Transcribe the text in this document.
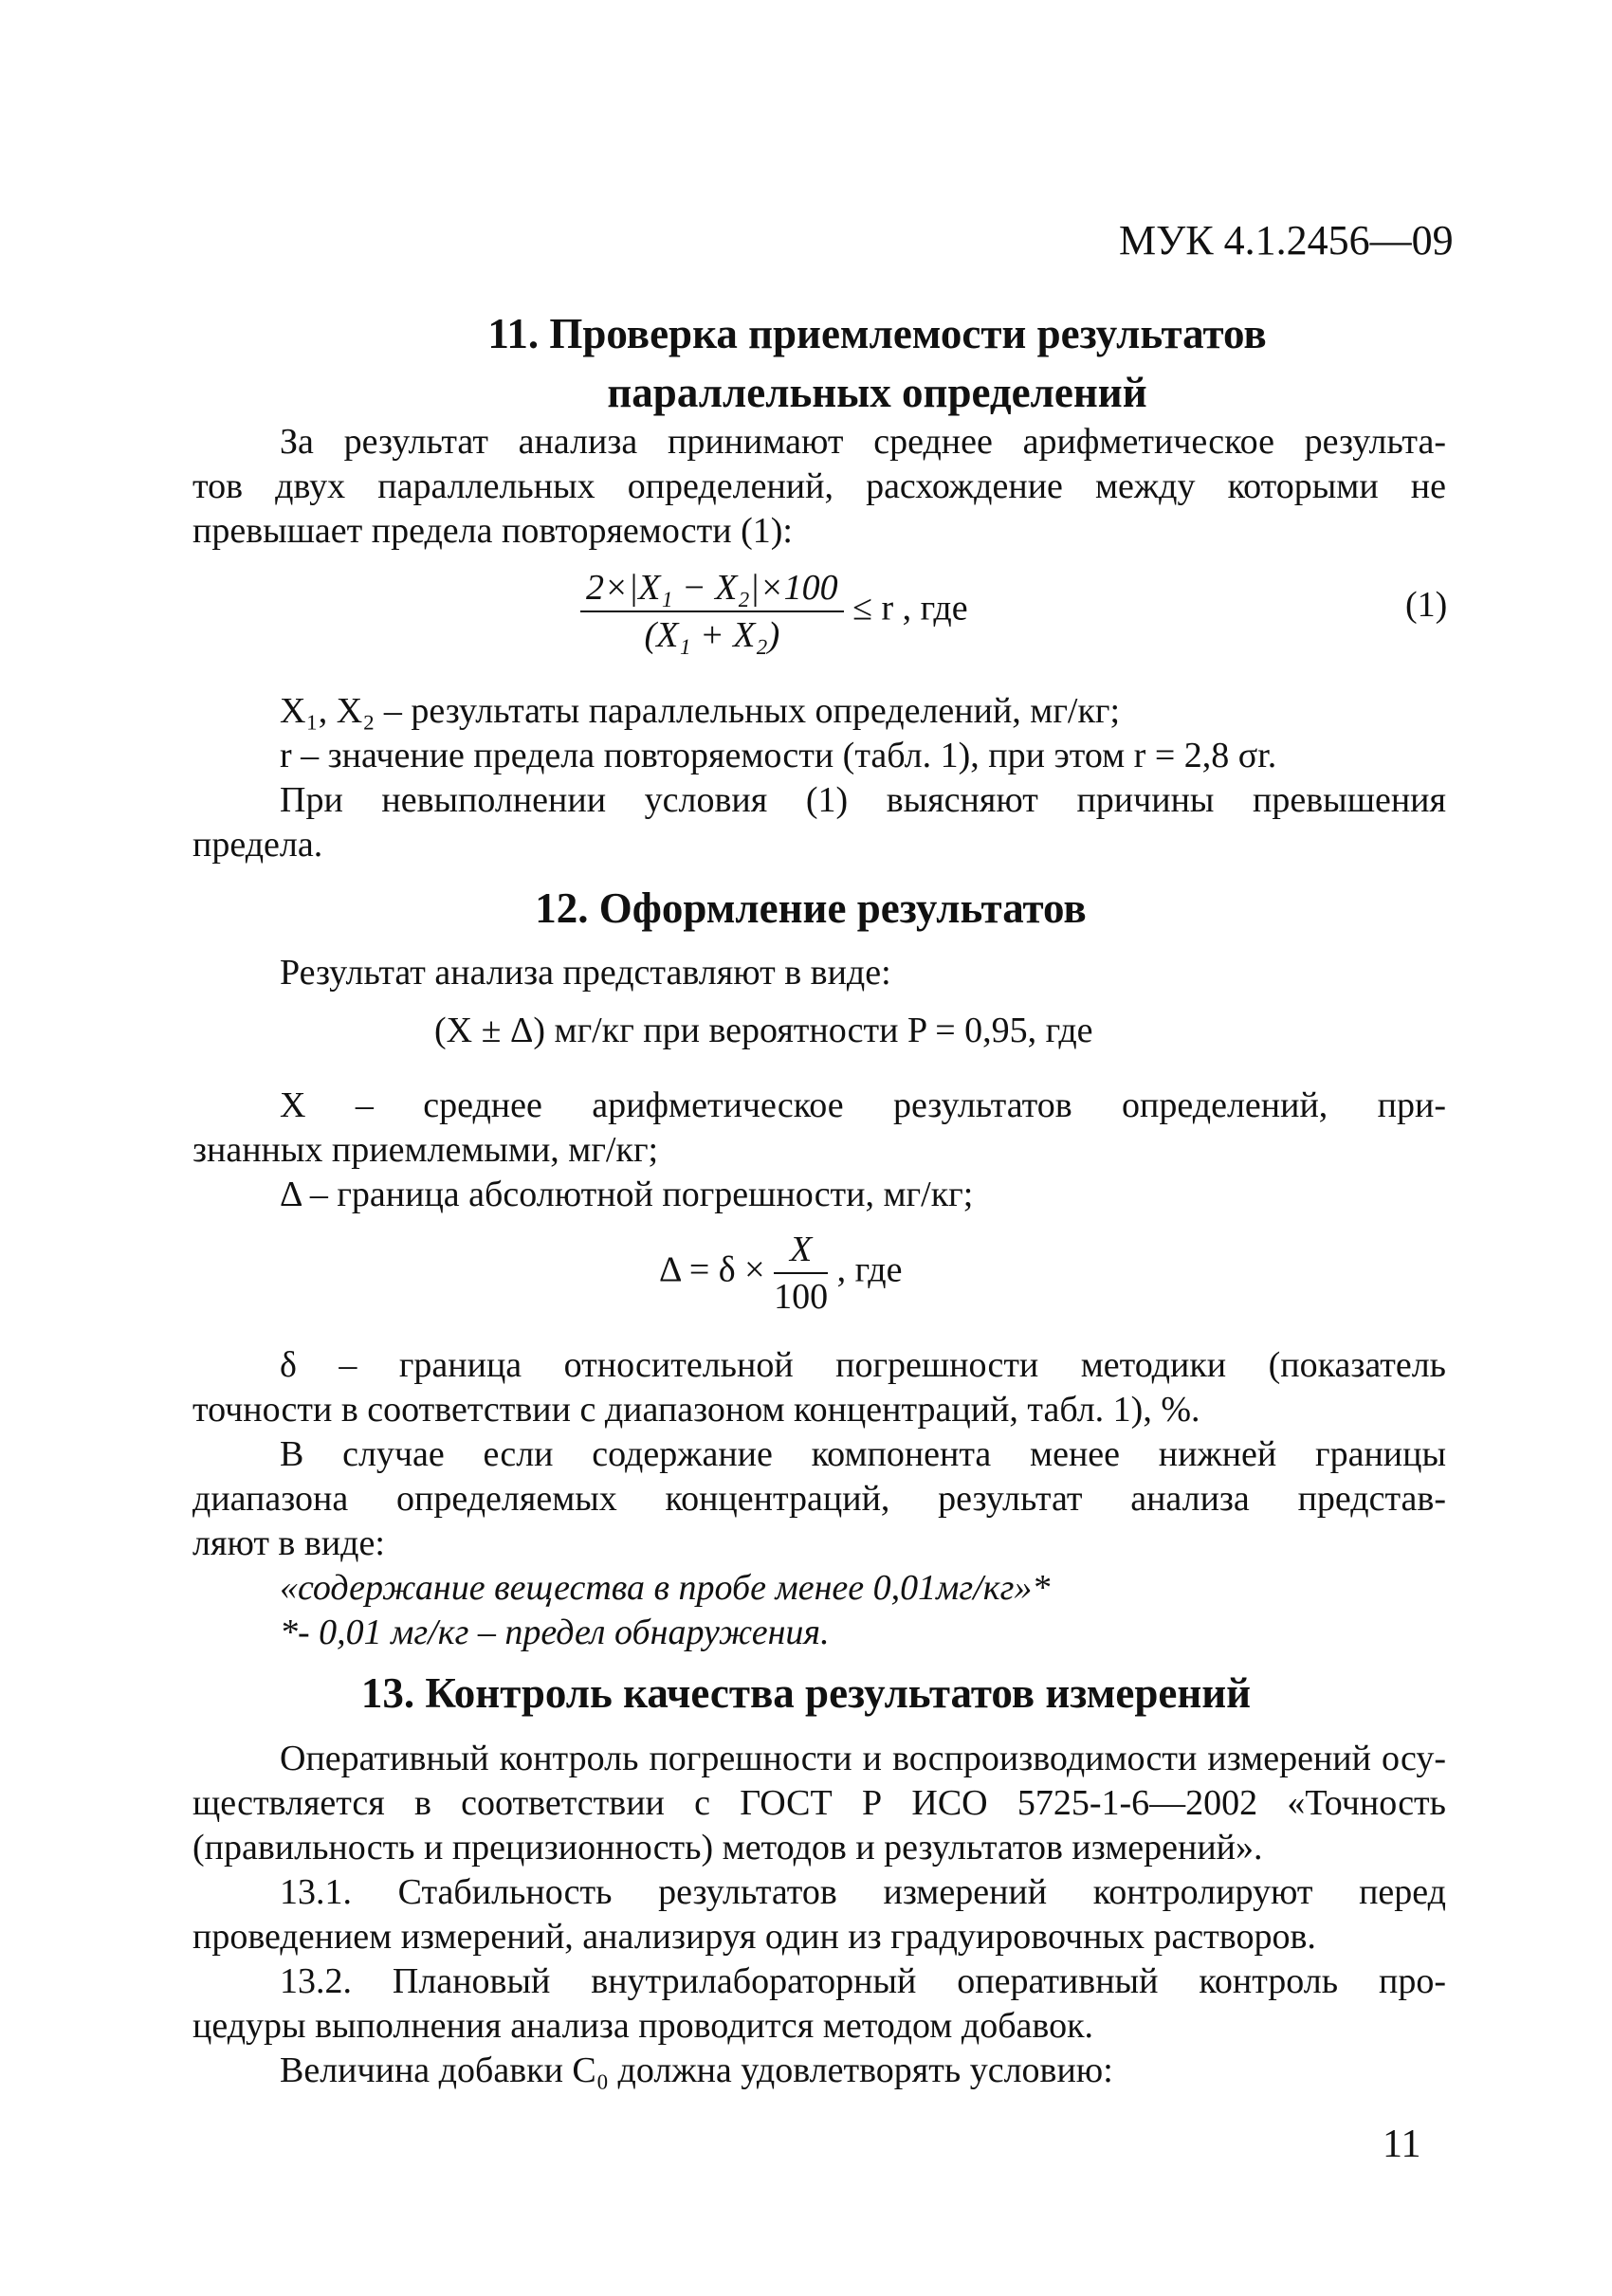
МУК 4.1.2456—09
11. Проверка приемлемости результатов
параллельных определений
За результат анализа принимают среднее арифметическое результа-
тов двух параллельных определений, расхождение между которыми не
превышает предела повторяемости (1):
$\frac{\text{2×|X₁ − X₂|×100}}{\text{(X₁ + X₂)}} \le r$ , где	(1)
X₁, X₂ – результаты параллельных определений, мг/кг;
r – значение предела повторяемости (табл. 1), при этом r = 2,8 σr.
При невыполнении условия (1) выясняют причины превышения
предела.
12. Оформление результатов
Результат анализа представляют в виде:
(X ± Δ) мг/кг при вероятности P = 0,95, где
X – среднее арифметическое результатов определений, при-
знанных приемлемыми, мг/кг;
Δ – граница абсолютной погрешности, мг/кг;
$\Delta = \delta \times \frac{X}{100}$ , где
δ – граница относительной погрешности методики (показатель
точности в соответствии с диапазоном концентраций, табл. 1), %.
В случае если содержание компонента менее нижней границы
диапазона определяемых концентраций, результат анализа представ-
ляют в виде:
«содержание вещества в пробе менее 0,01мг/кг»*
*- 0,01 мг/кг – предел обнаружения.
13. Контроль качества результатов измерений
Оперативный контроль погрешности и воспроизводимости измерений осу-
ществляется в соответствии с ГОСТ Р ИСО 5725-1-6—2002 «Точность
(правильность и прецизионность) методов и результатов измерений».
13.1. Стабильность результатов измерений контролируют перед
проведением измерений, анализируя один из градуировочных растворов.
13.2. Плановый внутрилабораторный оперативный контроль про-
цедуры выполнения анализа проводится методом добавок.
Величина добавки C₀ должна удовлетворять условию:
11
